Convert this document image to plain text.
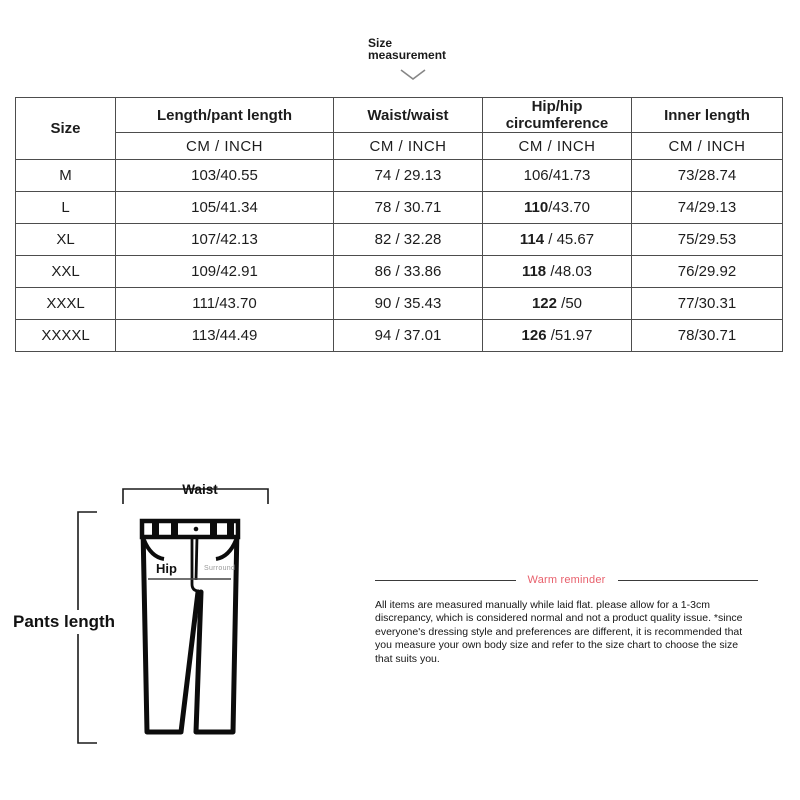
Size
measurement
Size	Length/pant length	Waist/waist	Hip/hip circumference	Inner length
	CM / INCH	CM / INCH	CM / INCH	CM / INCH
M	103/40.55	74 / 29.13	106/41.73	73/28.74
L	105/41.34	78 / 30.71	110/43.70	74/29.13
XL	107/42.13	82 / 32.28	114 / 45.67	75/29.53
XXL	109/42.91	86 / 33.86	118 /48.03	76/29.92
XXXL	111/43.70	90 / 35.43	122 /50	77/30.31
XXXXL	113/44.49	94 / 37.01	126 /51.97	78/30.71
Waist
Hip	Surround
Pants length
Warm reminder
All items are measured manually while laid flat. please allow for a 1-3cm discrepancy, which is considered normal and not a product quality issue. *since everyone's dressing style and preferences are different, it is recommended that you measure your own body size and refer to the size chart to choose the size that suits you.
